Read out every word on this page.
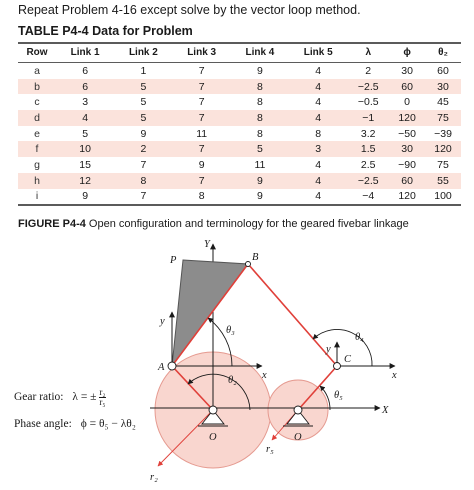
Repeat Problem 4-16 except solve by the vector loop method.
TABLE P4-4 Data for Problem
Row	Link 1	Link 2	Link 3	Link 4	Link 5	λ	ϕ	θ₂
a	6	1	7	9	4	2	30	60
b	6	5	7	8	4	−2.5	60	30
c	3	5	7	8	4	−0.5	0	45
d	4	5	7	8	4	−1	120	75
e	5	9	11	8	8	3.2	−50	−39
f	10	2	7	5	3	1.5	30	120
g	15	7	9	11	4	2.5	−90	75
h	12	8	7	9	4	−2.5	60	55
i	9	7	8	9	4	−4	120	100
FIGURE P4-4 Open configuration and terminology for the geared fivebar linkage
Y
B
P
y
θ₃
θ₄
y
C
A
x	x
θ₂
θ₅
X
O	O
r₂
r₅
Gear ratio: λ = ± $\frac{\text{r₂}}{\text{r₅}}$
Phase angle: ϕ = θ₅ − λθ₂
